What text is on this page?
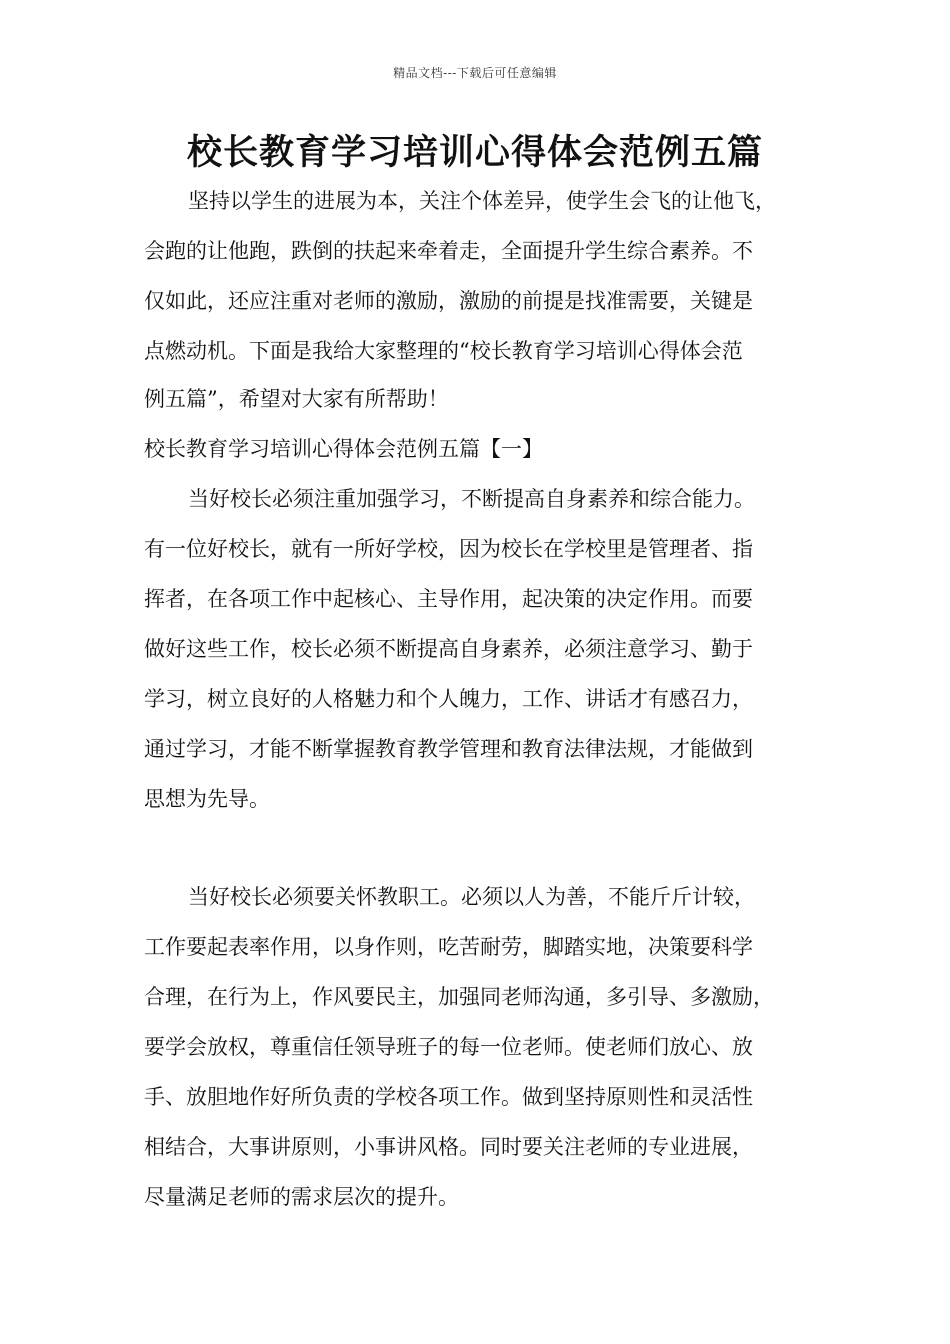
精品文档---下载后可任意编辑
校长教育学习培训心得体会范例五篇
坚持以学生的进展为本，关注个体差异，使学生会飞的让他飞，
会跑的让他跑，跌倒的扶起来牵着走，全面提升学生综合素养。不
仅如此，还应注重对老师的激励，激励的前提是找准需要，关键是
点燃动机。下面是我给大家整理的“校长教育学习培训心得体会范
例五篇”，希望对大家有所帮助！
校长教育学习培训心得体会范例五篇【一】
当好校长必须注重加强学习，不断提高自身素养和综合能力。
有一位好校长，就有一所好学校，因为校长在学校里是管理者、指
挥者，在各项工作中起核心、主导作用，起决策的决定作用。而要
做好这些工作，校长必须不断提高自身素养，必须注意学习、勤于
学习，树立良好的人格魅力和个人魄力，工作、讲话才有感召力，
通过学习，才能不断掌握教育教学管理和教育法律法规，才能做到
思想为先导。
当好校长必须要关怀教职工。必须以人为善，不能斤斤计较，
工作要起表率作用，以身作则，吃苦耐劳，脚踏实地，决策要科学
合理，在行为上，作风要民主，加强同老师沟通，多引导、多激励，
要学会放权，尊重信任领导班子的每一位老师。使老师们放心、放
手、放胆地作好所负责的学校各项工作。做到坚持原则性和灵活性
相结合，大事讲原则，小事讲风格。同时要关注老师的专业进展，
尽量满足老师的需求层次的提升。
